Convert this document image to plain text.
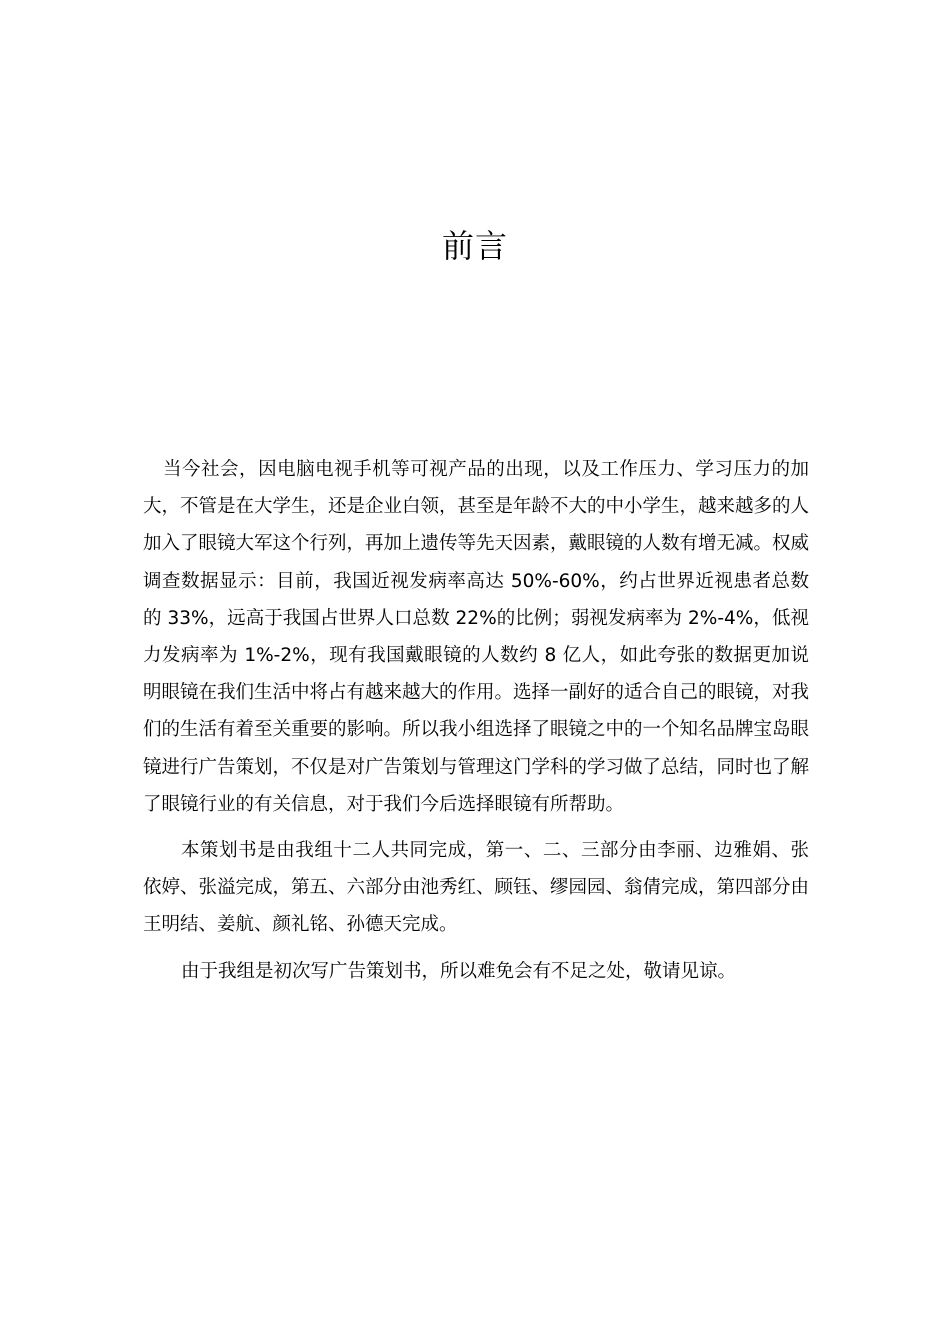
前言

当今社会，因电脑电视手机等可视产品的出现，以及工作压力、学习压力的加大，不管是在大学生，还是企业白领，甚至是年龄不大的中小学生，越来越多的人加入了眼镜大军这个行列，再加上遗传等先天因素，戴眼镜的人数有增无减。权威调查数据显示：目前，我国近视发病率高达 50%-60%，约占世界近视患者总数的 33%，远高于我国占世界人口总数 22%的比例；弱视发病率为 2%-4%，低视力发病率为 1%-2%，现有我国戴眼镜的人数约 8 亿人，如此夸张的数据更加说明眼镜在我们生活中将占有越来越大的作用。选择一副好的适合自己的眼镜，对我们的生活有着至关重要的影响。所以我小组选择了眼镜之中的一个知名品牌宝岛眼镜进行广告策划，不仅是对广告策划与管理这门学科的学习做了总结，同时也了解了眼镜行业的有关信息，对于我们今后选择眼镜有所帮助。

本策划书是由我组十二人共同完成，第一、二、三部分由李丽、边雅娟、张依婷、张溢完成，第五、六部分由池秀红、顾钰、缪园园、翁倩完成，第四部分由王明结、姜航、颜礼铭、孙德天完成。

由于我组是初次写广告策划书，所以难免会有不足之处，敬请见谅。
